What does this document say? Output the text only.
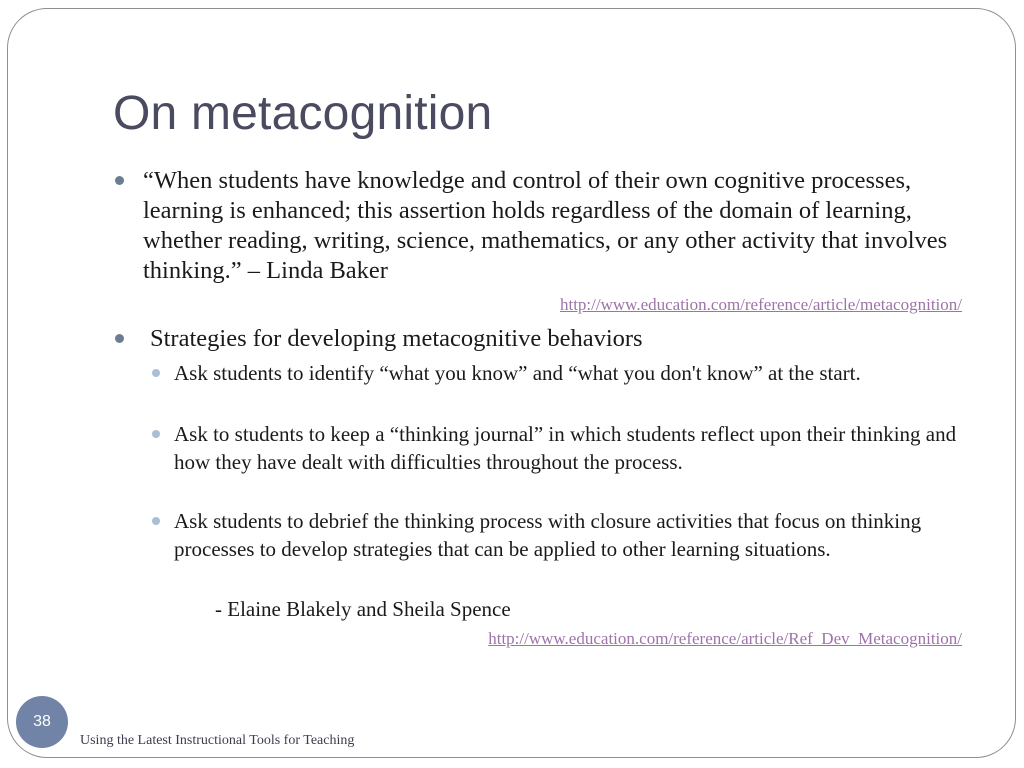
On metacognition
“When students have knowledge and control of their own cognitive processes, learning is enhanced; this assertion holds regardless of the domain of learning, whether reading, writing, science, mathematics, or any other activity that involves thinking.” – Linda Baker
http://www.education.com/reference/article/metacognition/
Strategies for developing metacognitive behaviors
Ask students to identify “what you know” and “what you don't know” at the start.
Ask to students to keep a “thinking journal” in which students reflect upon their thinking and how they have dealt with difficulties throughout the process.
Ask students to debrief the thinking process with closure activities that focus on thinking processes to develop strategies that can be applied to other learning situations.
- Elaine Blakely and Sheila Spence
http://www.education.com/reference/article/Ref_Dev_Metacognition/
38
Using the Latest Instructional Tools for Teaching
